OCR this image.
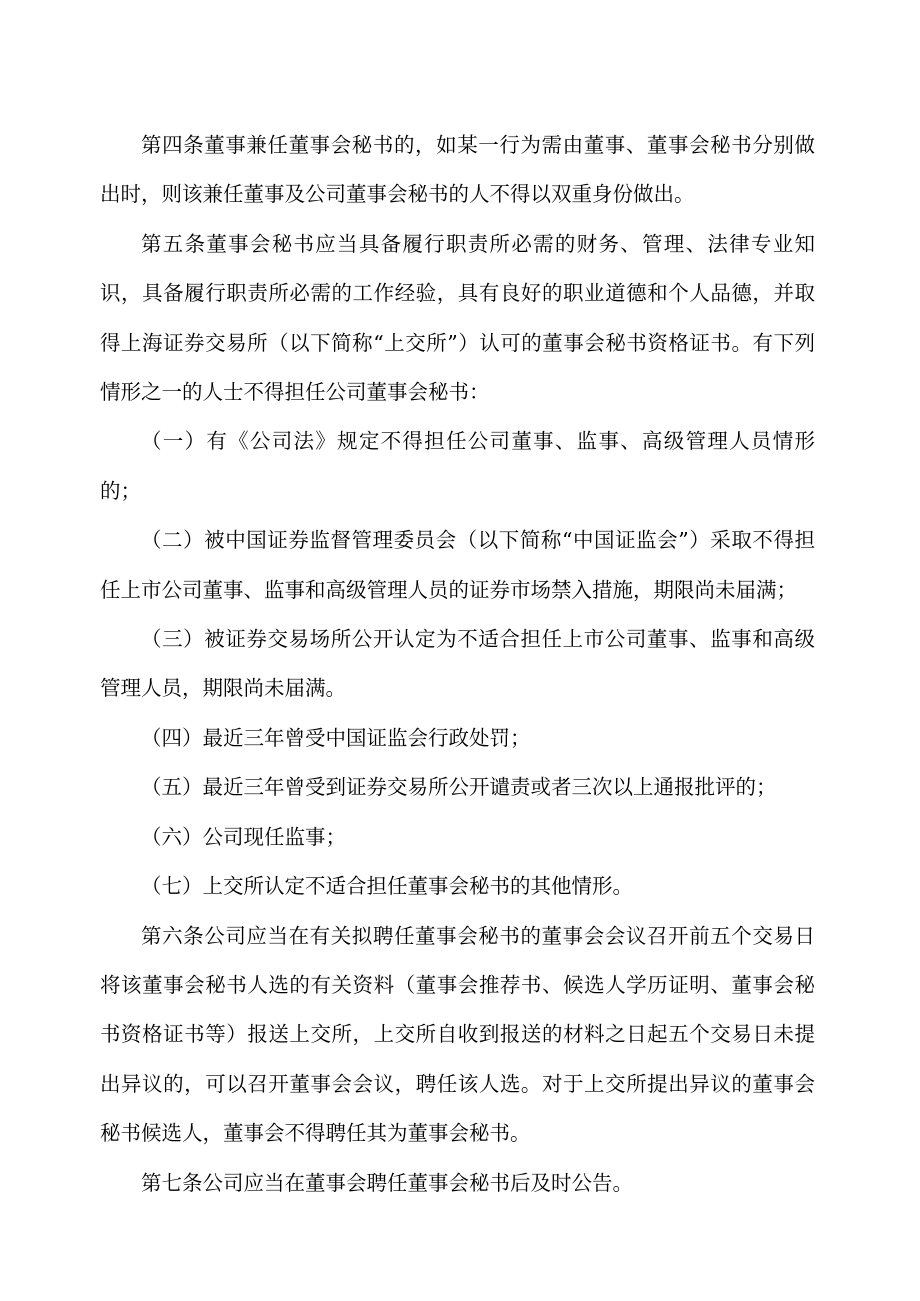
第四条董事兼任董事会秘书的，如某一行为需由董事、董事会秘书分别做出时，则该兼任董事及公司董事会秘书的人不得以双重身份做出。

第五条董事会秘书应当具备履行职责所必需的财务、管理、法律专业知识，具备履行职责所必需的工作经验，具有良好的职业道德和个人品德，并取得上海证券交易所（以下简称“上交所”）认可的董事会秘书资格证书。有下列情形之一的人士不得担任公司董事会秘书：

（一）有《公司法》规定不得担任公司董事、监事、高级管理人员情形的；

（二）被中国证券监督管理委员会（以下简称“中国证监会”）采取不得担任上市公司董事、监事和高级管理人员的证券市场禁入措施，期限尚未届满；

（三）被证券交易场所公开认定为不适合担任上市公司董事、监事和高级管理人员，期限尚未届满。

（四）最近三年曾受中国证监会行政处罚；

（五）最近三年曾受到证券交易所公开谴责或者三次以上通报批评的；

（六）公司现任监事；

（七）上交所认定不适合担任董事会秘书的其他情形。

第六条公司应当在有关拟聘任董事会秘书的董事会会议召开前五个交易日将该董事会秘书人选的有关资料（董事会推荐书、候选人学历证明、董事会秘书资格证书等）报送上交所，上交所自收到报送的材料之日起五个交易日未提出异议的，可以召开董事会会议，聘任该人选。对于上交所提出异议的董事会秘书候选人，董事会不得聘任其为董事会秘书。

第七条公司应当在董事会聘任董事会秘书后及时公告。
